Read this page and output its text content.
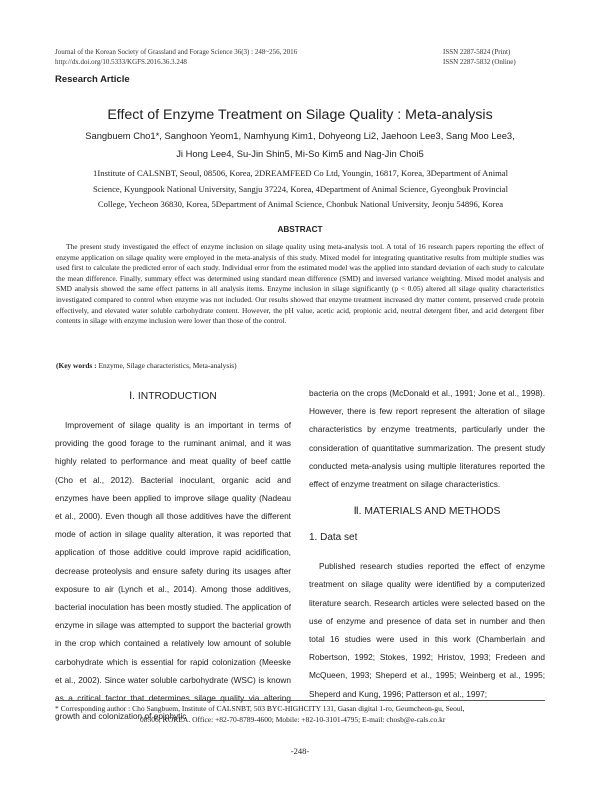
Journal of the Korean Society of Grassland and Forage Science 36(3) : 248~256, 2016
http://dx.doi.org/10.5333/KGFS.2016.36.3.248
ISSN 2287-5824 (Print)
ISSN 2287-5832 (Online)
Research Article
Effect of Enzyme Treatment on Silage Quality : Meta-analysis
Sangbuem Cho1*, Sanghoon Yeom1, Namhyung Kim1, Dohyeong Li2, Jaehoon Lee3, Sang Moo Lee3,
Ji Hong Lee4, Su-Jin Shin5, Mi-So Kim5 and Nag-Jin Choi5
1Institute of CALSNBT, Seoul, 08506, Korea, 2DREAMFEED Co Ltd, Youngin, 16817, Korea, 3Department of Animal
Science, Kyungpook National University, Sangju 37224, Korea, 4Department of Animal Science, Gyeongbuk Provincial
College, Yecheon 36830, Korea, 5Department of Animal Science, Chonbuk National University, Jeonju 54896, Korea
ABSTRACT
The present study investigated the effect of enzyme inclusion on silage quality using meta-analysis tool. A total of 16 research papers reporting the effect of enzyme application on silage quality were employed in the meta-analysis of this study. Mixed model for integrating quantitative results from multiple studies was used first to calculate the predicted error of each study. Individual error from the estimated model was the applied into standard deviation of each study to calculate the mean difference. Finally, summary effect was determined using standard mean difference (SMD) and inversed variance weighting. Mixed model analysis and SMD analysis showed the same effect patterns in all analysis items. Enzyme inclusion in silage significantly (p < 0.05) altered all silage quality characteristics investigated compared to control when enzyme was not included. Our results showed that enzyme treatment increased dry matter content, preserved crude protein effectively, and elevated water soluble carbohydrate content. However, the pH value, acetic acid, propionic acid, neutral detergent fiber, and acid detergent fiber contents in silage with enzyme inclusion were lower than those of the control.
(Key words : Enzyme, Silage characteristics, Meta-analysis)
Ⅰ. INTRODUCTION

Improvement of silage quality is an important in terms of providing the good forage to the ruminant animal, and it was highly related to performance and meat quality of beef cattle (Cho et al., 2012). Bacterial inoculant, organic acid and enzymes have been applied to improve silage quality (Nadeau et al., 2000). Even though all those additives have the different mode of action in silage quality alteration, it was reported that application of those additive could improve rapid acidification, decrease proteolysis and ensure safety during its usages after exposure to air (Lynch et al., 2014). Among those additives, bacterial inoculation has been mostly studied. The application of enzyme in silage was attempted to support the bacterial growth in the crop which contained a relatively low amount of soluble carbohydrate which is essential for rapid colonization (Meeske et al., 2002). Since water soluble carbohydrate (WSC) is known as a critical factor that determines silage quality via altering growth and colonization of epiphytic

bacteria on the crops (McDonald et al., 1991; Jone et al., 1998). However, there is few report represent the alteration of silage characteristics by enzyme treatments, particularly under the consideration of quantitative summarization. The present study conducted meta-analysis using multiple literatures reported the effect of enzyme treatment on silage characteristics.

Ⅱ. MATERIALS AND METHODS
1. Data set

Published research studies reported the effect of enzyme treatment on silage quality were identified by a computerized literature search. Research articles were selected based on the use of enzyme and presence of data set in number and then total 16 studies were used in this work (Chamberlain and Robertson, 1992; Stokes, 1992; Hristov, 1993; Fredeen and McQueen, 1993; Sheperd et al., 1995; Weinberg et al., 1995; Sheperd and Kung, 1996; Patterson et al., 1997;

* Corresponding author : Cho Sangbuem, Institute of CALSNBT, 503 BYC-HIGHCITY 131, Gasan digital 1-ro, Geumcheon-gu, Seoul,
08506, KOREA. Office: +82-70-8789-4600; Mobile: +82-10-3101-4795; E-mail: chosb@e-cals.co.kr
-248-
